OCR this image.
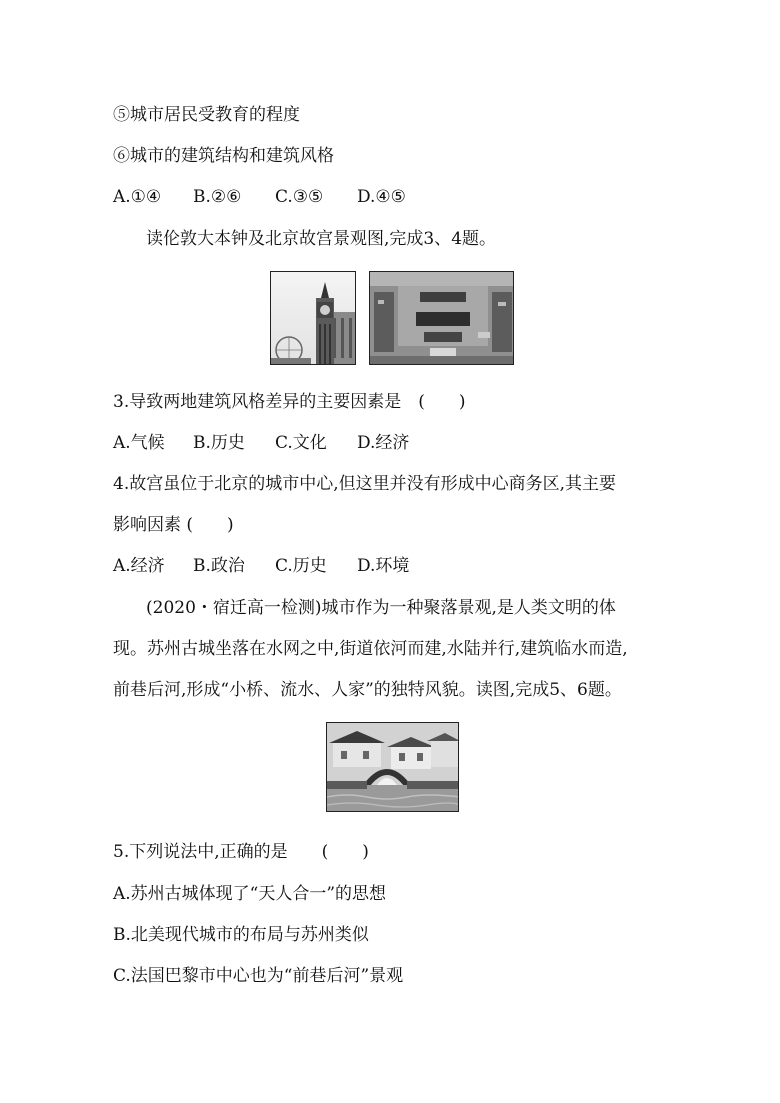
⑤城市居民受教育的程度
⑥城市的建筑结构和建筑风格
A.①④ B.②⑥ C.③⑤ D.④⑤
读伦敦大本钟及北京故宫景观图,完成3、4题。
3.导致两地建筑风格差异的主要因素是　(　　)
A.气候 B.历史 C.文化 D.经济
4.故宫虽位于北京的城市中心,但这里并没有形成中心商务区,其主要
影响因素 (　　)
A.经济 B.政治 C.历史 D.环境
(2020・宿迁高一检测)城市作为一种聚落景观,是人类文明的体
现。苏州古城坐落在水网之中,街道依河而建,水陆并行,建筑临水而造,
前巷后河,形成“小桥、流水、人家”的独特风貌。读图,完成5、6题。
5.下列说法中,正确的是　　(　　)
A.苏州古城体现了“天人合一”的思想
B.北美现代城市的布局与苏州类似
C.法国巴黎市中心也为“前巷后河”景观
